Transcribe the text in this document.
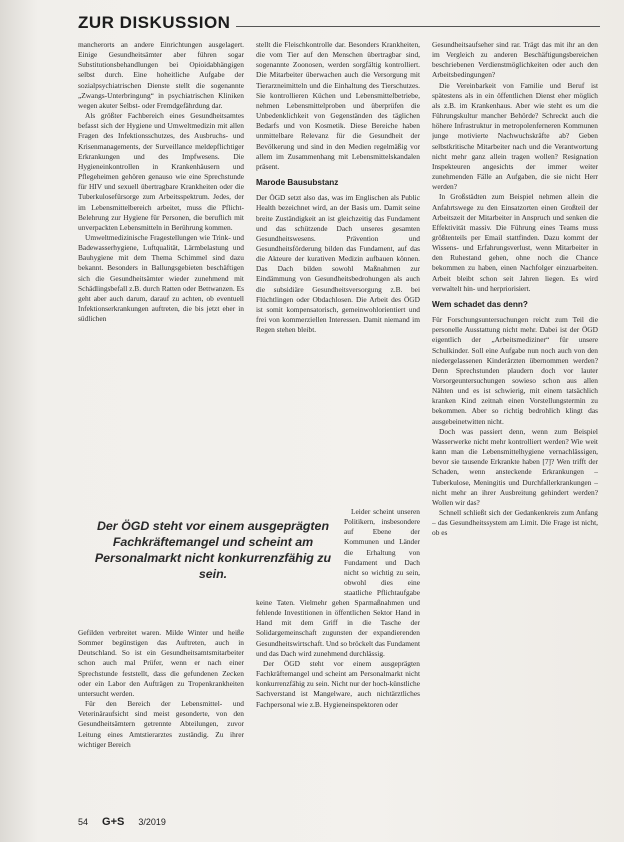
ZUR DISKUSSION

mancherorts an andere Einrichtungen ausgelagert. Einige Gesundheitsämter aber führen sogar Substitutionsbehandlungen bei Opioidabhängigen selbst durch. Eine hoheitliche Aufgabe der sozialpsychiatrischen Dienste stellt die sogenannte „Zwangs-Unterbringung“ in psychiatrischen Kliniken wegen akuter Selbst- oder Fremdgefährdung dar.

Als größter Fachbereich eines Gesundheitsamtes befasst sich der Hygiene und Umweltmedizin mit allen Fragen des Infektionsschutzes, des Ausbruchs- und Krisenmanagements, der Surveillance meldepflichtiger Erkrankungen und des Impfwesens. Die Hygieneinkontrollen in Krankenhäusern und Pflegeheimen gehören genauso wie eine Sprechstunde für HIV und sexuell übertragbare Krankheiten oder die Tuberkulosefürsorge zum Arbeitsspektrum. Jedes, der im Lebensmittelbereich arbeitet, muss die Pflicht-Belehrung zur Hygiene für Personen, die beruflich mit unverpackten Lebensmitteln in Berührung kommen.

Umweltmedizinische Fragestellungen wie Trink- und Badewasserhygiene, Luftqualität, Lärmbelastung und Bauhygiene mit dem Thema Schimmel sind dazu bekannt. Besonders in Ballungsgebieten beschäftigen sich die Gesundheitsämter wieder zunehmend mit Schädlingsbefall z.B. durch Ratten oder Bettwanzen. Es geht aber auch darum, darauf zu achten, ob eventuell Infektionserkrankungen auftreten, die bis jetzt eher in südlichen

Der ÖGD steht vor einem ausgeprägten Fachkräftemangel und scheint am Personalmarkt nicht konkurrenzfähig zu sein.

Gefilden verbreitet waren. Milde Winter und heiße Sommer begünstigen das Auftreten, auch in Deutschland. So ist ein Gesundheitsamtsmitarbeiter schon auch mal Prüfer, wenn er nach einer Sprechstunde feststellt, dass die gefundenen Zecken oder ein Labor den Aufträgen zu Tropenkrankheiten untersucht werden.

Für den Bereich der Lebensmittel- und Veterinäraufsicht sind meist gesonderte, von den Gesundheitsämtern getrennte Abteilungen, zuvor Leitung eines Amtstierarztes zuständig. Zu ihrer wichtiger Bereich

stellt die Fleischkontrolle dar. Besonders Krankheiten, die vom Tier auf den Menschen übertragbar sind, sogenannte Zoonosen, werden sorgfältig kontrolliert. Die Mitarbeiter überwachen auch die Versorgung mit Tierarzneimitteln und die Einhaltung des Tierschutzes. Sie kontrollieren Küchen und Lebensmittelbetriebe, nehmen Lebensmittelproben und überprüfen die Unbedenklichkeit von Gegenständen des täglichen Bedarfs und von Kosmetik. Diese Bereiche haben unmittelbare Relevanz für die Gesundheit der Bevölkerung und sind in den Medien regelmäßig vor allem im Zusammenhang mit Lebensmittelskandalen präsent.

Marode Bausubstanz

Der ÖGD setzt also das, was im Englischen als Public Health bezeichnet wird, an der Basis um. Damit seine breite Zuständigkeit an ist gleichzeitig das Fundament und das schützende Dach unseres gesamten Gesundheitswesens. Prävention und Gesundheitsförderung bilden das Fundament, auf das die Akteure der kurativen Medizin aufbauen können. Das Dach bilden sowohl Maßnahmen zur Eindämmung von Gesundheitsbedrohungen als auch die subsidiäre Gesundheitsversorgung z.B. bei Flüchtlingen oder Obdachlosen. Die Arbeit des ÖGD ist somit kompensatorisch, gemeinwohlorientiert und frei von kommerziellen Interessen. Damit niemand im Regen stehen bleibt.

Leider scheint unseren Politikern, insbesondere auf Ebene der Kommunen und Länder die Erhaltung von Fundament und Dach nicht so wichtig zu sein, obwohl dies eine staatliche Pflichtaufgabe

keine Taten. Vielmehr gehen Sparmaßnahmen und fehlende Investitionen in öffentlichen Sektor Hand in Hand mit dem Griff in die Tasche der Solidargemeinschaft zugunsten der expandierenden Gesundheitswirtschaft. Und so bröckelt das Fundament und das Dach wird zunehmend durchlässig.

Der ÖGD steht vor einem ausgeprägten Fachkräftemangel und scheint am Personalmarkt nicht konkurrenzfähig zu sein. Nicht nur der hoch-künstliche Sachverstand ist Mangelware, auch nichtärztliches Fachpersonal wie z.B. Hygieneinspektoren oder

Gesundheitsaufseher sind rar. Trägt das mit ihr an den im Vergleich zu anderen Beschäftigungsbereichen beschriebenen Verdienstmöglichkeiten oder auch den Arbeitsbedingungen?

Die Vereinbarkeit von Familie und Beruf ist spätestens als in ein öffentlichen Dienst eher möglich als z.B. im Krankenhaus. Aber wie steht es um die Führungskultur mancher Behörde? Schreckt auch die höhere Infrastruktur in metropolenferneren Kommunen junge motivierte Nachwuchskräfte ab? Geben selbstkritische Mitarbeiter nach und die Verantwortung nicht mehr ganz allein tragen wollen? Resignation Inspekteuren angesichts der immer weiter zunehmenden Fälle an Aufgaben, die sie nicht Herr werden?

In Großstädten zum Beispiel nehmen allein die Anfahrtswege zu den Einsatzorten einen Großteil der Arbeitszeit der Mitarbeiter in Anspruch und senken die Effektivität massiv. Die Führung eines Teams muss größtenteils per Email stattfinden. Dazu kommt der Wissens- und Erfahrungsverlust, wenn Mitarbeiter in den Ruhestand gehen, ohne noch die Chance bekommen zu haben, einen Nachfolger einzuarbeiten. Arbeit bleibt schon seit Jahren liegen. Es wird verwaltelt hin- und herpriorisiert.

Wem schadet das denn?

Für Forschungsuntersuchungen reicht zum Teil die personelle Ausstattung nicht mehr. Dabei ist der ÖGD eigentlich der „Arbeitsmediziner“ für unsere Schulkinder. Soll eine Aufgabe nun noch auch von den niedergelassenen Kinderärzten übernommen werden? Denn Sprechstunden plaudern doch vor lauter Vorsorgeuntersuchungen sowieso schon aus allen Nähten und es ist schwierig, mit einem tatsächlich kranken Kind zeitnah einen Vorstellungstermin zu bekommen. Aber so richtig bedrohlich klingt das ausgebeinetwitten nicht.

Doch was passiert denn, wenn zum Beispiel Wasserwerke nicht mehr kontrolliert werden? Wie weit kann man die Lebensmittelhygiene vernachlässigen, bevor sie tausende Erkrankte haben [7]? Wen trifft der Schaden, wenn ansteckende Erkrankungen – Tuberkulose, Meningitis und Durchfallerkrankungen – nicht mehr an ihrer Ausbreitung gehindert werden? Wollen wir das?

Schnell schließt sich der Gedankenkreis zum Anfang – das Gesundheitssystem am Limit. Die Frage ist nicht, ob es

54 G+S 3/2019
